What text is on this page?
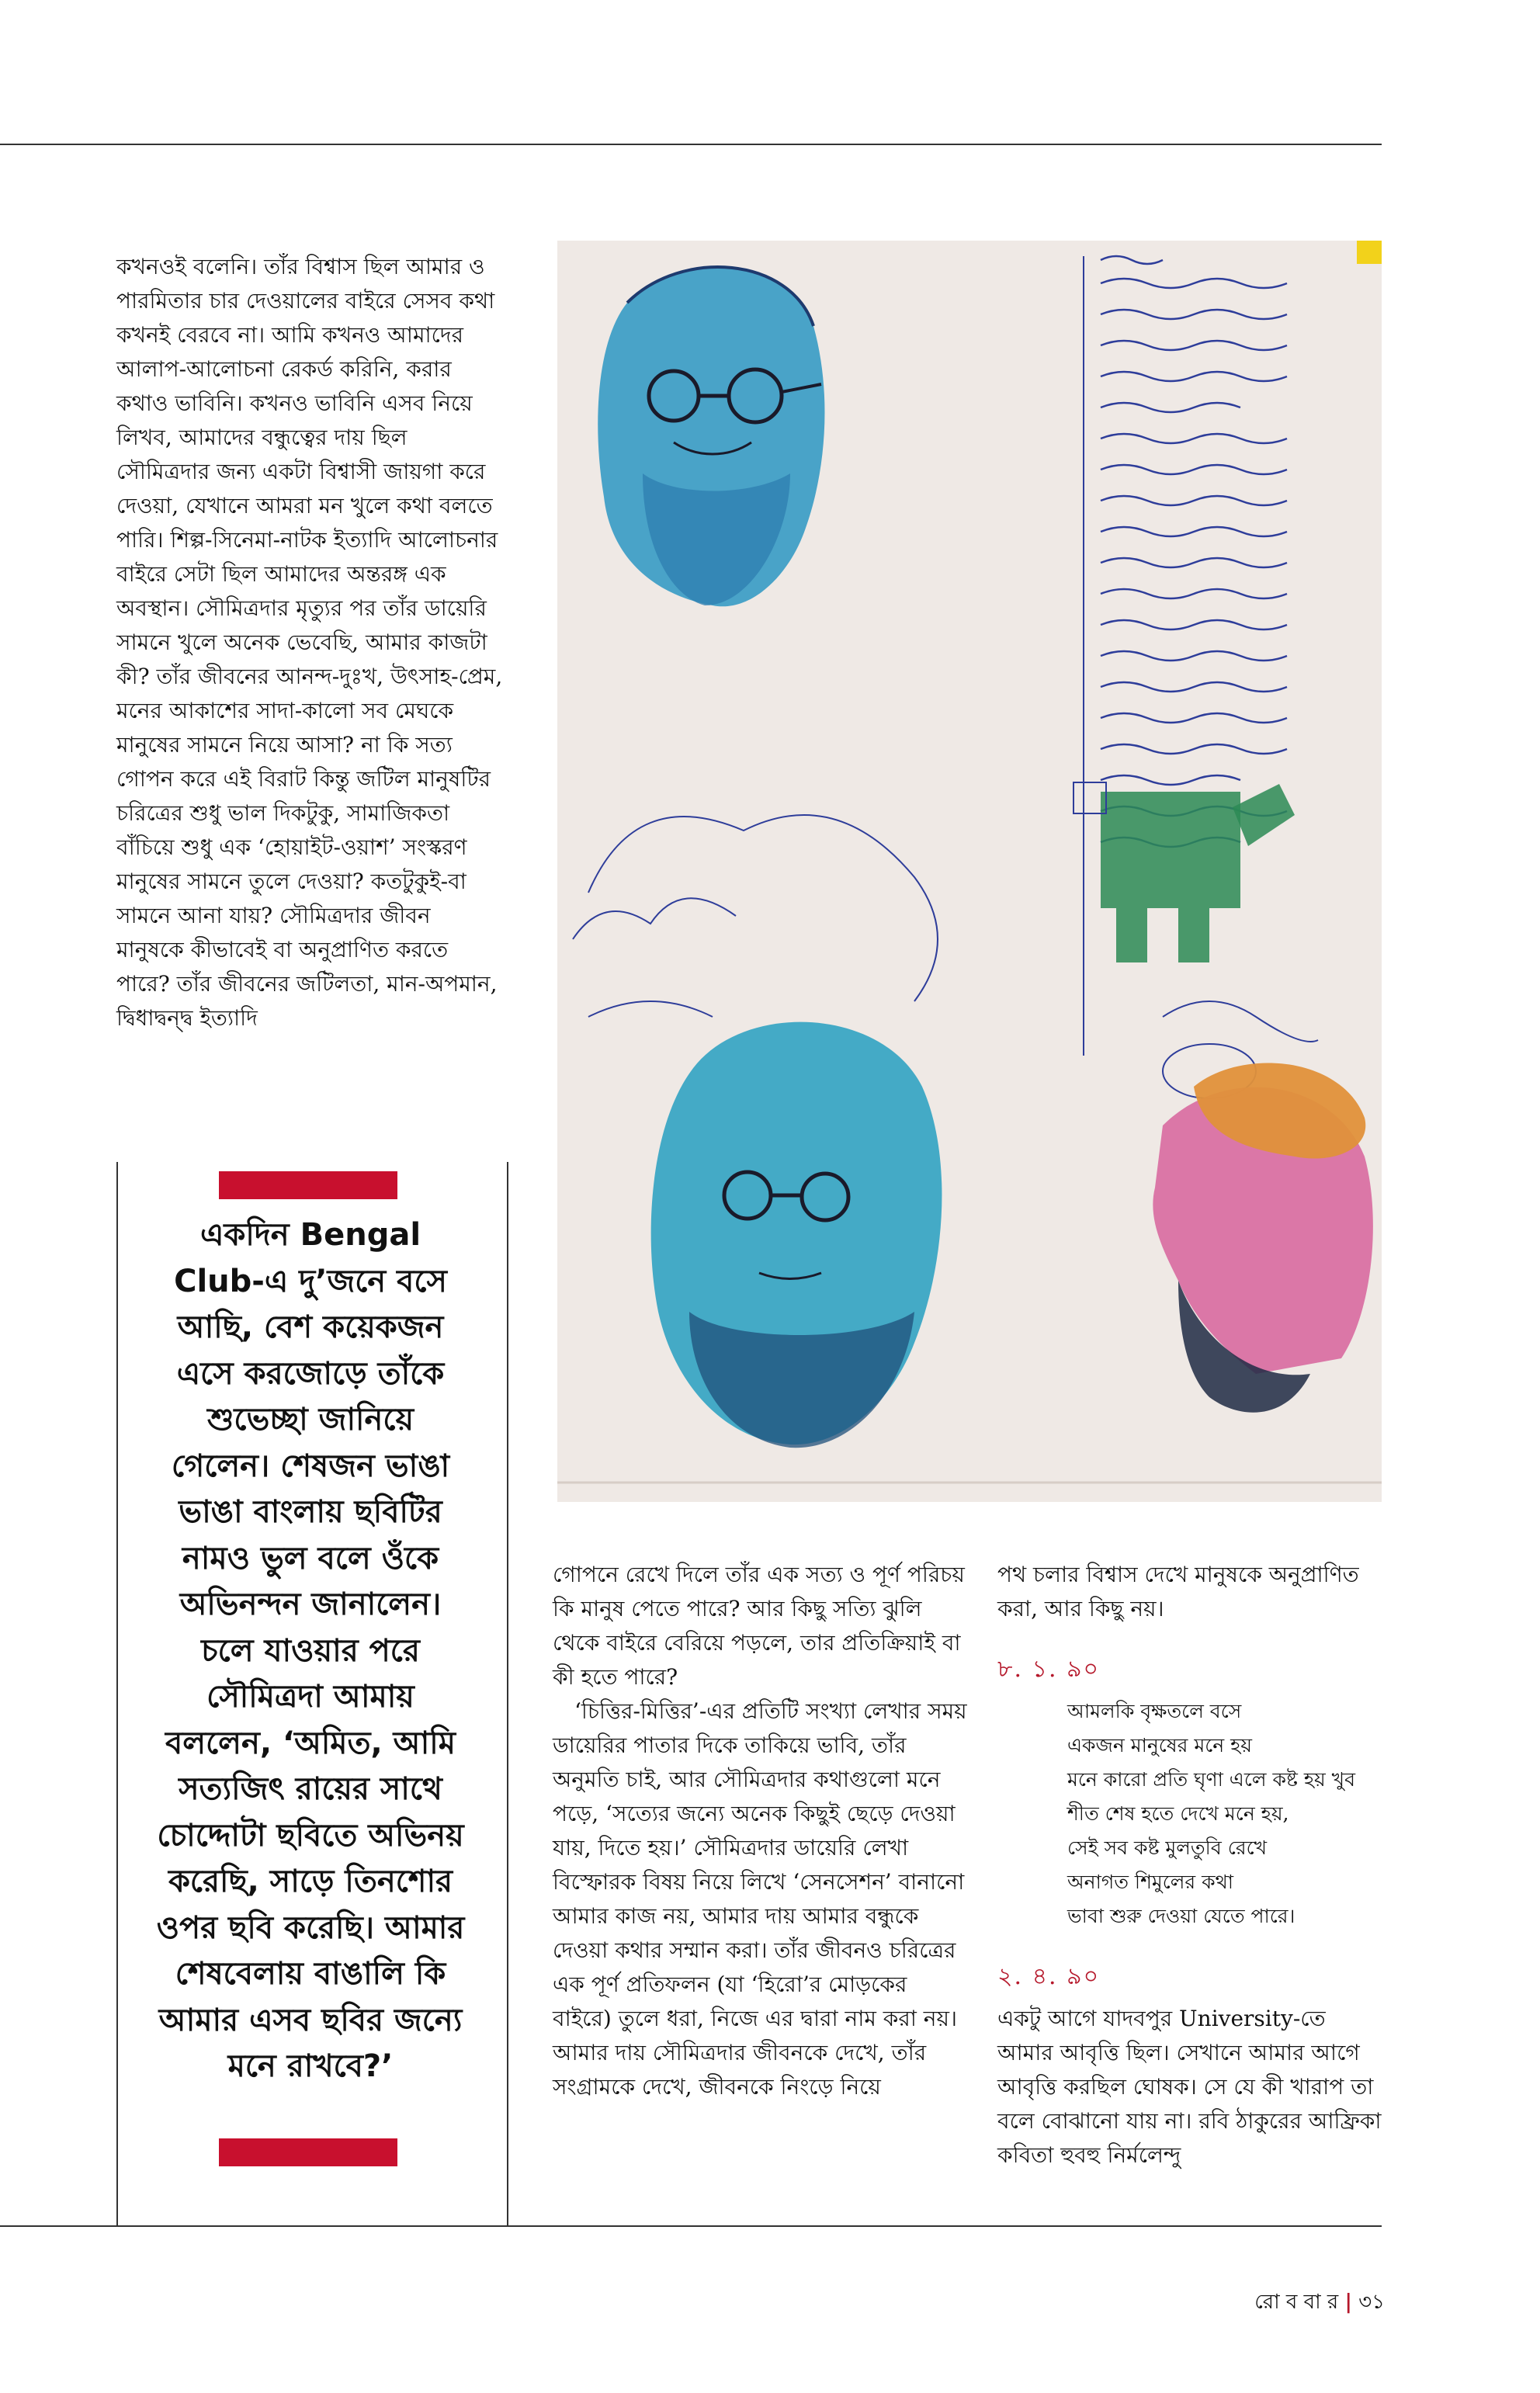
কখনওই বলেনি। তাঁর বিশ্বাস ছিল আমার ও পারমিতার চার দেওয়ালের বাইরে সেসব কথা কখনই বেরবে না। আমি কখনও আমাদের আলাপ-আলোচনা রেকর্ড করিনি, করার কথাও ভাবিনি। কখনও ভাবিনি এসব নিয়ে লিখব, আমাদের বন্ধুত্বের দায় ছিল সৌমিত্রদার জন্য একটা বিশ্বাসী জায়গা করে দেওয়া, যেখানে আমরা মন খুলে কথা বলতে পারি। শিল্প-সিনেমা-নাটক ইত্যাদি আলোচনার বাইরে সেটা ছিল আমাদের অন্তরঙ্গ এক অবস্থান। সৌমিত্রদার মৃত্যুর পর তাঁর ডায়েরি সামনে খুলে অনেক ভেবেছি, আমার কাজটা কী? তাঁর জীবনের আনন্দ-দুঃখ, উৎসাহ-প্রেম, মনের আকাশের সাদা-কালো সব মেঘকে মানুষের সামনে নিয়ে আসা? না কি সত্য গোপন করে এই বিরাট কিন্তু জটিল মানুষটির চরিত্রের শুধু ভাল দিকটুকু, সামাজিকতা বাঁচিয়ে শুধু এক ‘হোয়াইট-ওয়াশ’ সংস্করণ মানুষের সামনে তুলে দেওয়া? কতটুকুই-বা সামনে আনা যায়? সৌমিত্রদার জীবন মানুষকে কীভাবেই বা অনুপ্রাণিত করতে পারে? তাঁর জীবনের জটিলতা, মান-অপমান, দ্বিধাদ্বন্দ্ব ইত্যাদি

একদিন Bengal Club-এ দু’জনে বসে আছি, বেশ কয়েকজন এসে করজোড়ে তাঁকে শুভেচ্ছা জানিয়ে গেলেন। শেষজন ভাঙা ভাঙা বাংলায় ছবিটির নামও ভুল বলে ওঁকে অভিনন্দন জানালেন। চলে যাওয়ার পরে সৌমিত্রদা আমায় বললেন, ‘অমিত, আমি সত্যজিৎ রায়ের সাথে চোদ্দোটা ছবিতে অভিনয় করেছি, সাড়ে তিনশোর ওপর ছবি করেছি। আমার শেষবেলায় বাঙালি কি আমার এসব ছবির জন্যে মনে রাখবে?’

গোপনে রেখে দিলে তাঁর এক সত্য ও পূর্ণ পরিচয় কি মানুষ পেতে পারে? আর কিছু সত্যি ঝুলি থেকে বাইরে বেরিয়ে পড়লে, তার প্রতিক্রিয়াই বা কী হতে পারে?

‘চিত্তির-মিত্তির’-এর প্রতিটি সংখ্যা লেখার সময় ডায়েরির পাতার দিকে তাকিয়ে ভাবি, তাঁর অনুমতি চাই, আর সৌমিত্রদার কথাগুলো মনে পড়ে, ‘সত্যের জন্যে অনেক কিছুই ছেড়ে দেওয়া যায়, দিতে হয়।’ সৌমিত্রদার ডায়েরি লেখা বিস্ফোরক বিষয় নিয়ে লিখে ‘সেনসেশন’ বানানো আমার কাজ নয়, আমার দায় আমার বন্ধুকে দেওয়া কথার সম্মান করা। তাঁর জীবনও চরিত্রের এক পূর্ণ প্রতিফলন (যা ‘হিরো’র মোড়কের বাইরে) তুলে ধরা, নিজে এর দ্বারা নাম করা নয়। আমার দায় সৌমিত্রদার জীবনকে দেখে, তাঁর সংগ্রামকে দেখে, জীবনকে নিংড়ে নিয়ে

পথ চলার বিশ্বাস দেখে মানুষকে অনুপ্রাণিত করা, আর কিছু নয়।

৮. ১. ৯০

আমলকি বৃক্ষতলে বসে
একজন মানুষের মনে হয়
মনে কারো প্রতি ঘৃণা এলে কষ্ট হয় খুব
শীত শেষ হতে দেখে মনে হয়,
সেই সব কষ্ট মুলতুবি রেখে
অনাগত শিমুলের কথা
ভাবা শুরু দেওয়া যেতে পারে।

২. ৪. ৯০

একটু আগে যাদবপুর University-তে আমার আবৃত্তি ছিল। সেখানে আমার আগে আবৃত্তি করছিল ঘোষক। সে যে কী খারাপ তা বলে বোঝানো যায় না। রবি ঠাকুরের আফ্রিকা কবিতা হুবহু নির্মলেন্দু

রো ব বা র | ৩১
